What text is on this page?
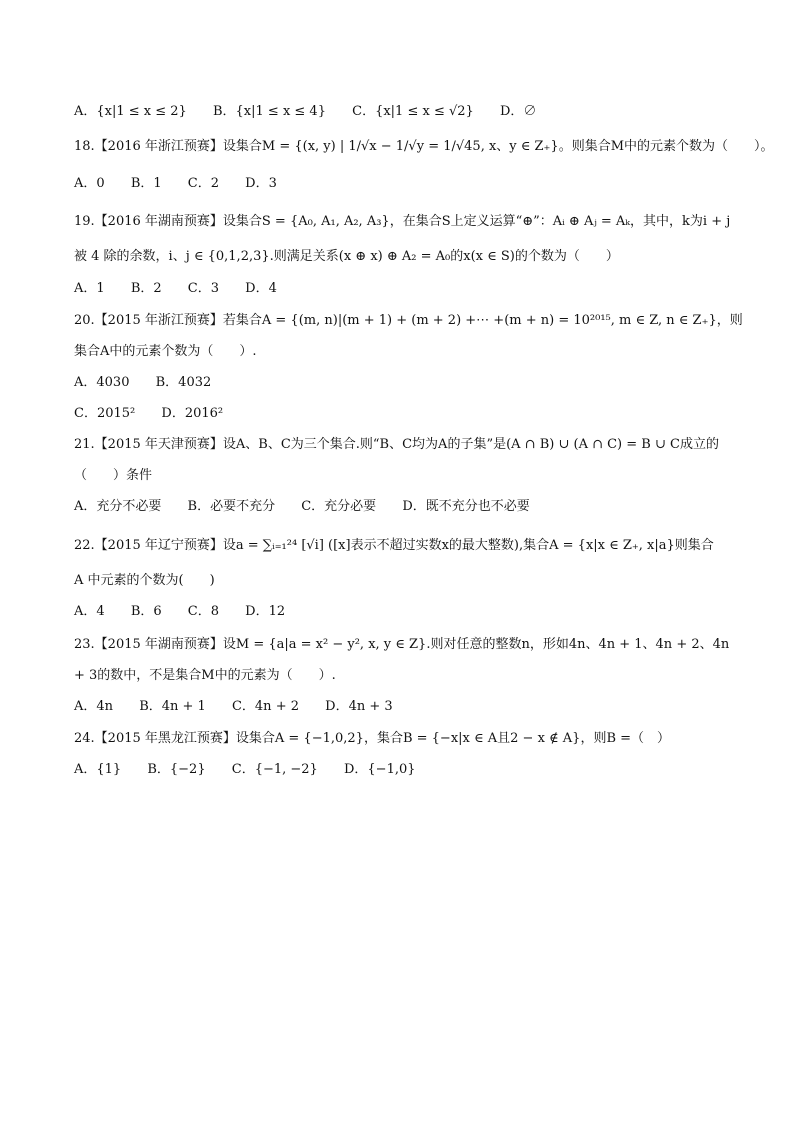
A．{x|1 ≤ x ≤ 2} B．{x|1 ≤ x ≤ 4} C．{x|1 ≤ x ≤ √2} D．∅
18.【2016 年浙江预赛】设集合M = {(x, y) | 1/√x − 1/√y = 1/√45, x、y ∈ Z₊}。则集合M中的元素个数为（　　）。
A．0 B．1 C．2 D．3
19.【2016 年湖南预赛】设集合S = {A₀, A₁, A₂, A₃}，在集合S上定义运算“⊕”：Aᵢ ⊕ Aⱼ = Aₖ，其中，k为i + j
被 4 除的余数，i、j ∈ {0,1,2,3}.则满足关系(x ⊕ x) ⊕ A₂ = A₀的x(x ∈ S)的个数为（　　）
A．1 B．2 C．3 D．4
20.【2015 年浙江预赛】若集合A = {(m, n)|(m + 1) + (m + 2) +⋯ +(m + n) = 10²⁰¹⁵, m ∈ Z, n ∈ Z₊}，则
集合A中的元素个数为（　　）.
A．4030 B．4032
C．2015² D．2016²
21.【2015 年天津预赛】设A、B、C为三个集合.则“B、C均为A的子集”是(A ∩ B) ∪ (A ∩ C) = B ∪ C成立的
（　　）条件
A．充分不必要 B．必要不充分 C．充分必要 D．既不充分也不必要
22.【2015 年辽宁预赛】设a = ∑ᵢ₌₁²⁴ [√i] ([x]表示不超过实数x的最大整数),集合A = {x|x ∈ Z₊, x|a}则集合
A 中元素的个数为(　　)
A．4 B．6 C．8 D．12
23.【2015 年湖南预赛】设M = {a|a = x² − y², x, y ∈ Z}.则对任意的整数n，形如4n、4n + 1、4n + 2、4n
+ 3的数中，不是集合M中的元素为（　　）.
A．4n B．4n + 1 C．4n + 2 D．4n + 3
24.【2015 年黑龙江预赛】设集合A = {−1,0,2}，集合B = {−x|x ∈ A且2 − x ∉ A}，则B =（　）
A．{1} B．{−2} C．{−1, −2} D．{−1,0}
